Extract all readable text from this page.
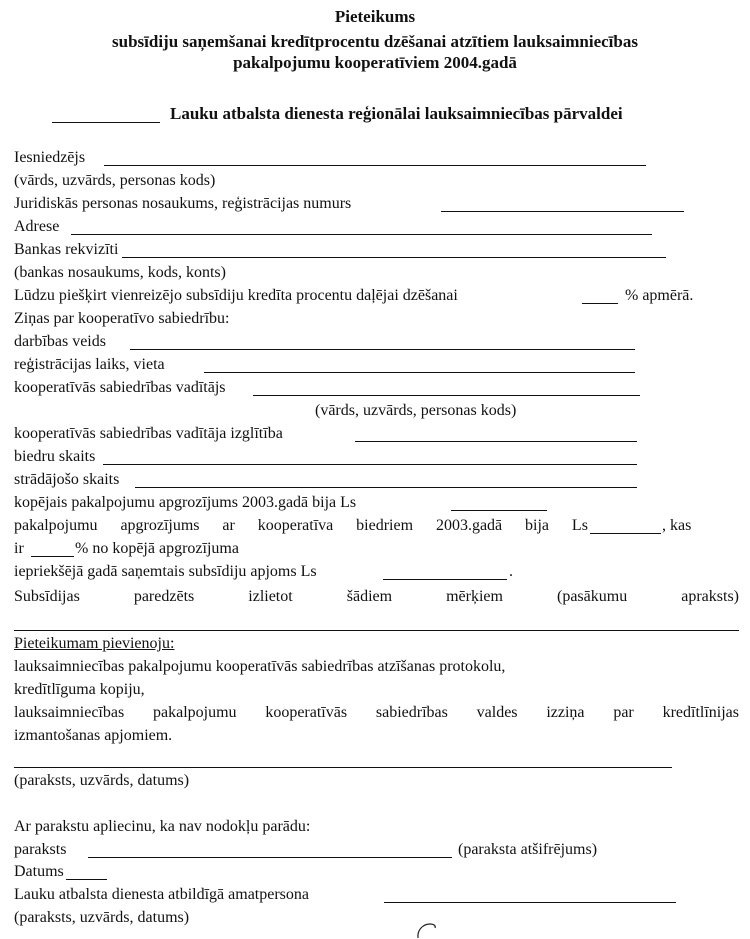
Pieteikums
subsīdiju saņemšanai kredītprocentu dzēšanai atzītiem lauksaimniecības
pakalpojumu kooperatīviem 2004.gadā
Lauku atbalsta dienesta reģionālai lauksaimniecības pārvaldei
Iesniedzējs
(vārds, uzvārds, personas kods)
Juridiskās personas nosaukums, reģistrācijas numurs
Adrese
Bankas rekvizīti
(bankas nosaukums, kods, konts)
Lūdzu piešķirt vienreizējo subsīdiju kredīta procentu daļējai dzēšanai	% apmērā.
Ziņas par kooperatīvo sabiedrību:
darbības veids
reģistrācijas laiks, vieta
kooperatīvās sabiedrības vadītājs
(vārds, uzvārds, personas kods)
kooperatīvās sabiedrības vadītāja izglītība
biedru skaits
strādājošo skaits
kopējais pakalpojumu apgrozījums 2003.gadā bija Ls
pakalpojumu apgrozījums ar kooperatīva biedriem 2003.gadā bija Ls	, kas
ir	% no kopējā apgrozījuma
iepriekšējā gadā saņemtais subsīdiju apjoms Ls	.
Subsīdijas	paredzēts	izlietot	šādiem	mērķiem	(pasākumu	apraksts)
Pieteikumam pievienoju:
lauksaimniecības pakalpojumu kooperatīvās sabiedrības atzīšanas protokolu,
kredītlīguma kopiju,
lauksaimniecības pakalpojumu kooperatīvās sabiedrības valdes izziņa par kredītlīnijas
izmantošanas apjomiem.
(paraksts, uzvārds, datums)
Ar parakstu apliecinu, ka nav nodokļu parādu:
paraksts	(paraksta atšifrējums)
Datums
Lauku atbalsta dienesta atbildīgā amatpersona
(paraksts, uzvārds, datums)
